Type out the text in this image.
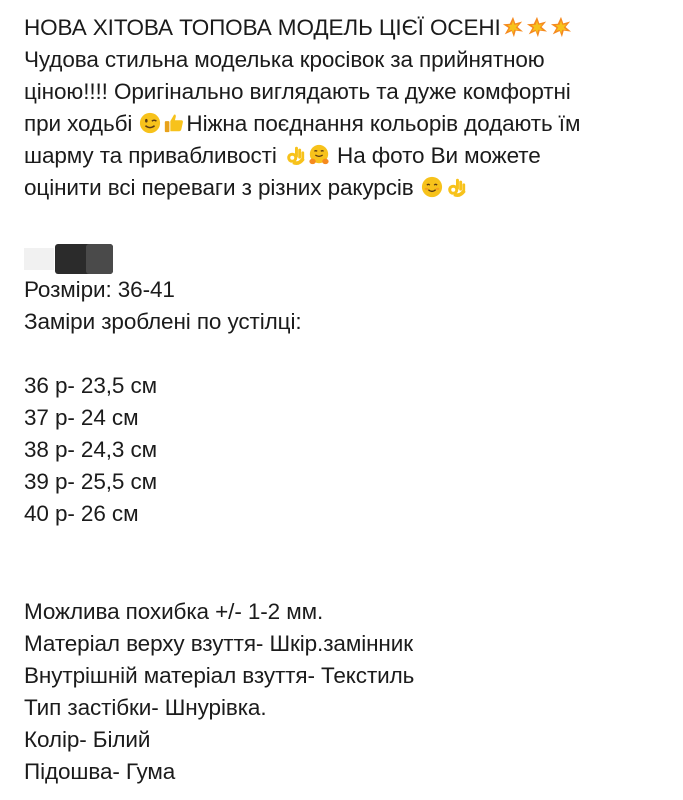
НОВА ХІТОВА ТОПОВА МОДЕЛЬ ЦІЄЇ ОСЕНІ
Чудова стильна моделька кросівок за прийнятною
ціною!!!! Оригінально виглядають та дуже комфортні
при ходьбі
Ніжна поєднання кольорів додають їм
шарму та привабливості
На фото Ви можете
оцінити всі переваги з різних ракурсів
Розміри: 36-41
Заміри зроблені по устілці:
36 р- 23,5 см
37 р- 24 см
38 р- 24,3 см
39 р- 25,5 см
40 р- 26 см
Можлива похибка +/- 1-2 мм.
Матеріал верху взуття- Шкір.замінник
Внутрішній матеріал взуття- Текстиль
Тип застібки- Шнурівка.
Колір- Білий
Підошва- Гума
